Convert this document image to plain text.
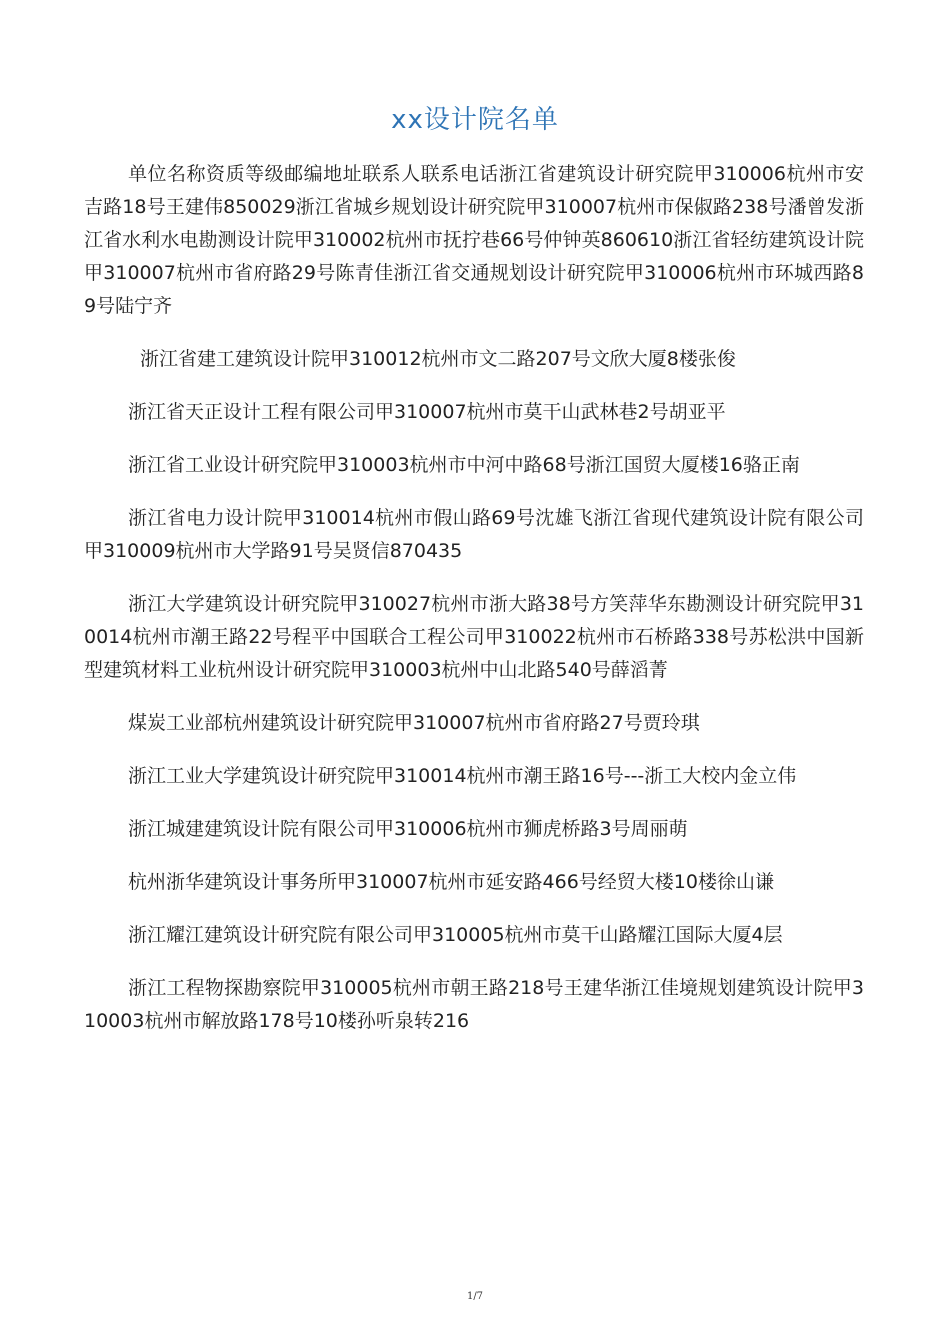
xx设计院名单

单位名称资质等级邮编地址联系人联系电话浙江省建筑设计研究院甲310006杭州市安吉路18号王建伟850029浙江省城乡规划设计研究院甲310007杭州市保俶路238号潘曾发浙江省水利水电勘测设计院甲310002杭州市抚拧巷66号仲钟英860610浙江省轻纺建筑设计院甲310007杭州市省府路29号陈青佳浙江省交通规划设计研究院甲310006杭州市环城西路89号陆宁齐

浙江省建工建筑设计院甲310012杭州市文二路207号文欣大厦8楼张俊

浙江省天正设计工程有限公司甲310007杭州市莫干山武林巷2号胡亚平

浙江省工业设计研究院甲310003杭州市中河中路68号浙江国贸大厦楼16骆正南

浙江省电力设计院甲310014杭州市假山路69号沈雄飞浙江省现代建筑设计院有限公司甲310009杭州市大学路91号吴贤信870435

浙江大学建筑设计研究院甲310027杭州市浙大路38号方笑萍华东勘测设计研究院甲310014杭州市潮王路22号程平中国联合工程公司甲310022杭州市石桥路338号苏松洪中国新型建筑材料工业杭州设计研究院甲310003杭州中山北路540号薛滔菁

煤炭工业部杭州建筑设计研究院甲310007杭州市省府路27号贾玲琪

浙江工业大学建筑设计研究院甲310014杭州市潮王路16号---浙工大校内金立伟

浙江城建建筑设计院有限公司甲310006杭州市狮虎桥路3号周丽萌

杭州浙华建筑设计事务所甲310007杭州市延安路466号经贸大楼10楼徐山谦

浙江耀江建筑设计研究院有限公司甲310005杭州市莫干山路耀江国际大厦4层

浙江工程物探勘察院甲310005杭州市朝王路218号王建华浙江佳境规划建筑设计院甲310003杭州市解放路178号10楼孙听泉转216

1/7
